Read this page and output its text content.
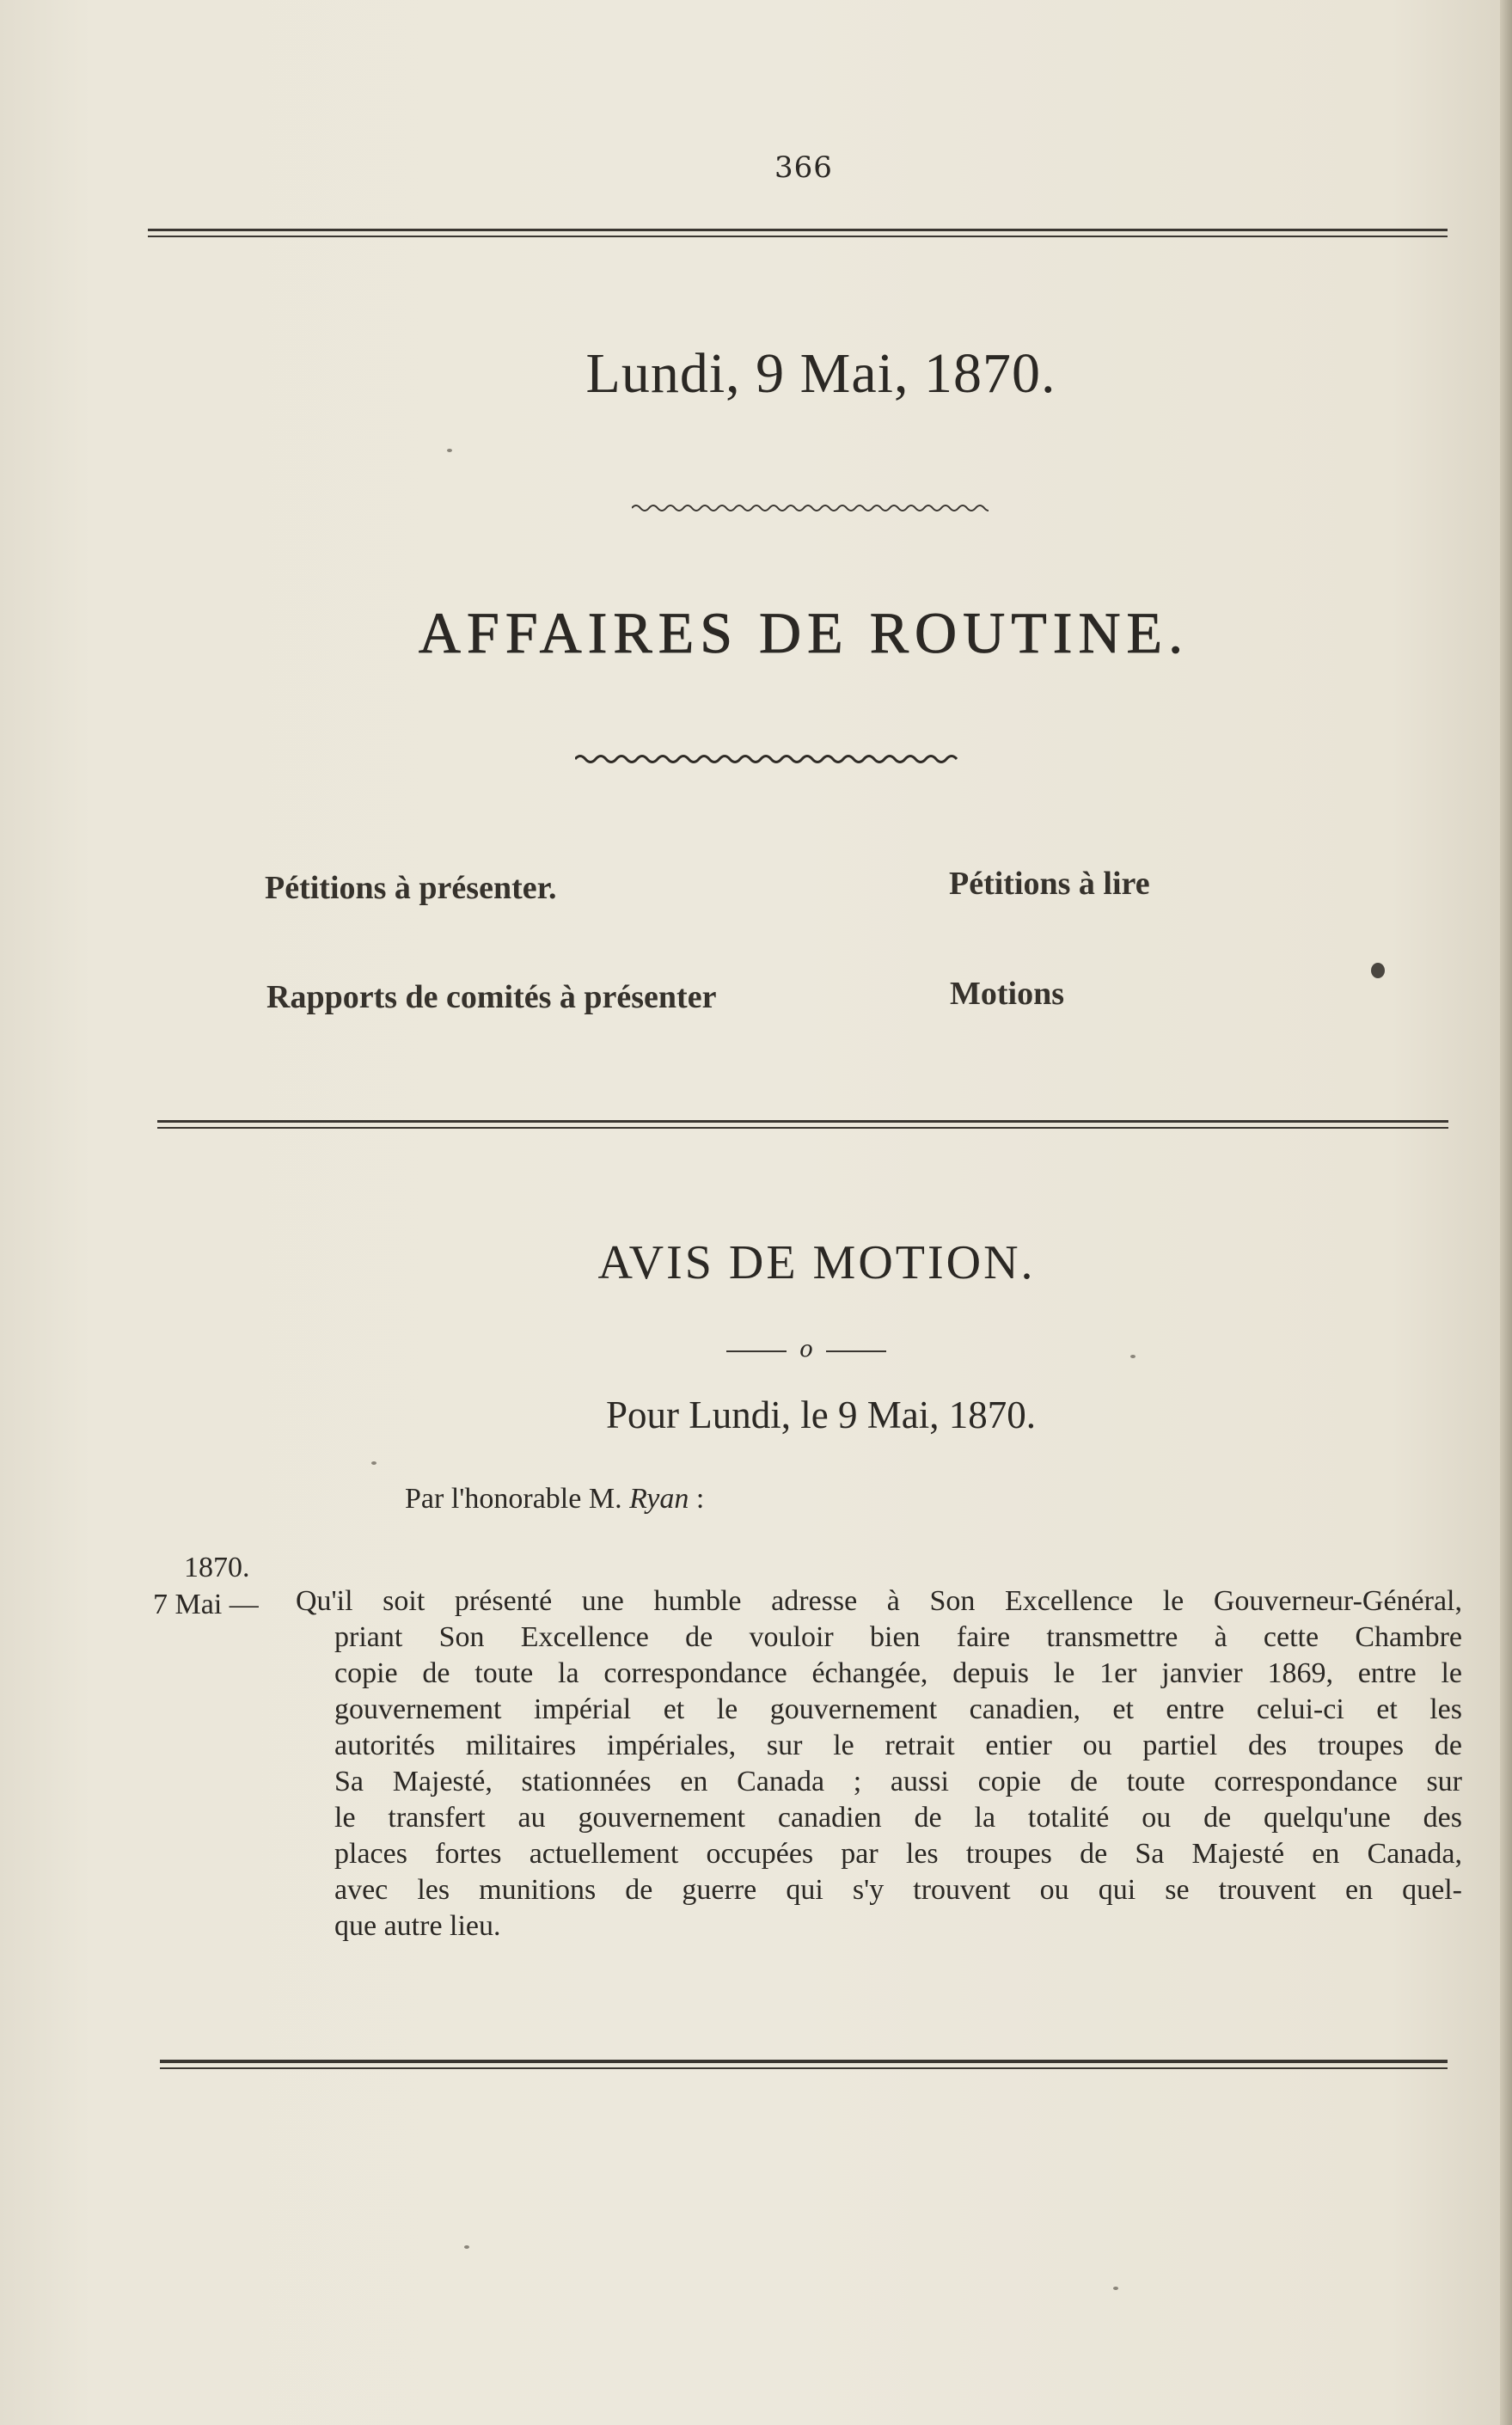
366
Lundi, 9 Mai, 1870.
AFFAIRES DE ROUTINE.
Pétitions à présenter.	Pétitions à lire
Rapports de comités à présenter	Motions
AVIS DE MOTION.
o
Pour Lundi, le 9 Mai, 1870.
Par l'honorable M. Ryan :
1870.
7 Mai — Qu'il soit présenté une humble adresse à Son Excellence le Gouverneur-Général,
priant Son Excellence de vouloir bien faire transmettre à cette Chambre
copie de toute la correspondance échangée, depuis le 1er janvier 1869, entre le
gouvernement impérial et le gouvernement canadien, et entre celui-ci et les
autorités militaires impériales, sur le retrait entier ou partiel des troupes de
Sa Majesté, stationnées en Canada ; aussi copie de toute correspondance sur
le transfert au gouvernement canadien de la totalité ou de quelqu'une des
places fortes actuellement occupées par les troupes de Sa Majesté en Canada,
avec les munitions de guerre qui s'y trouvent ou qui se trouvent en quel-
que autre lieu.
